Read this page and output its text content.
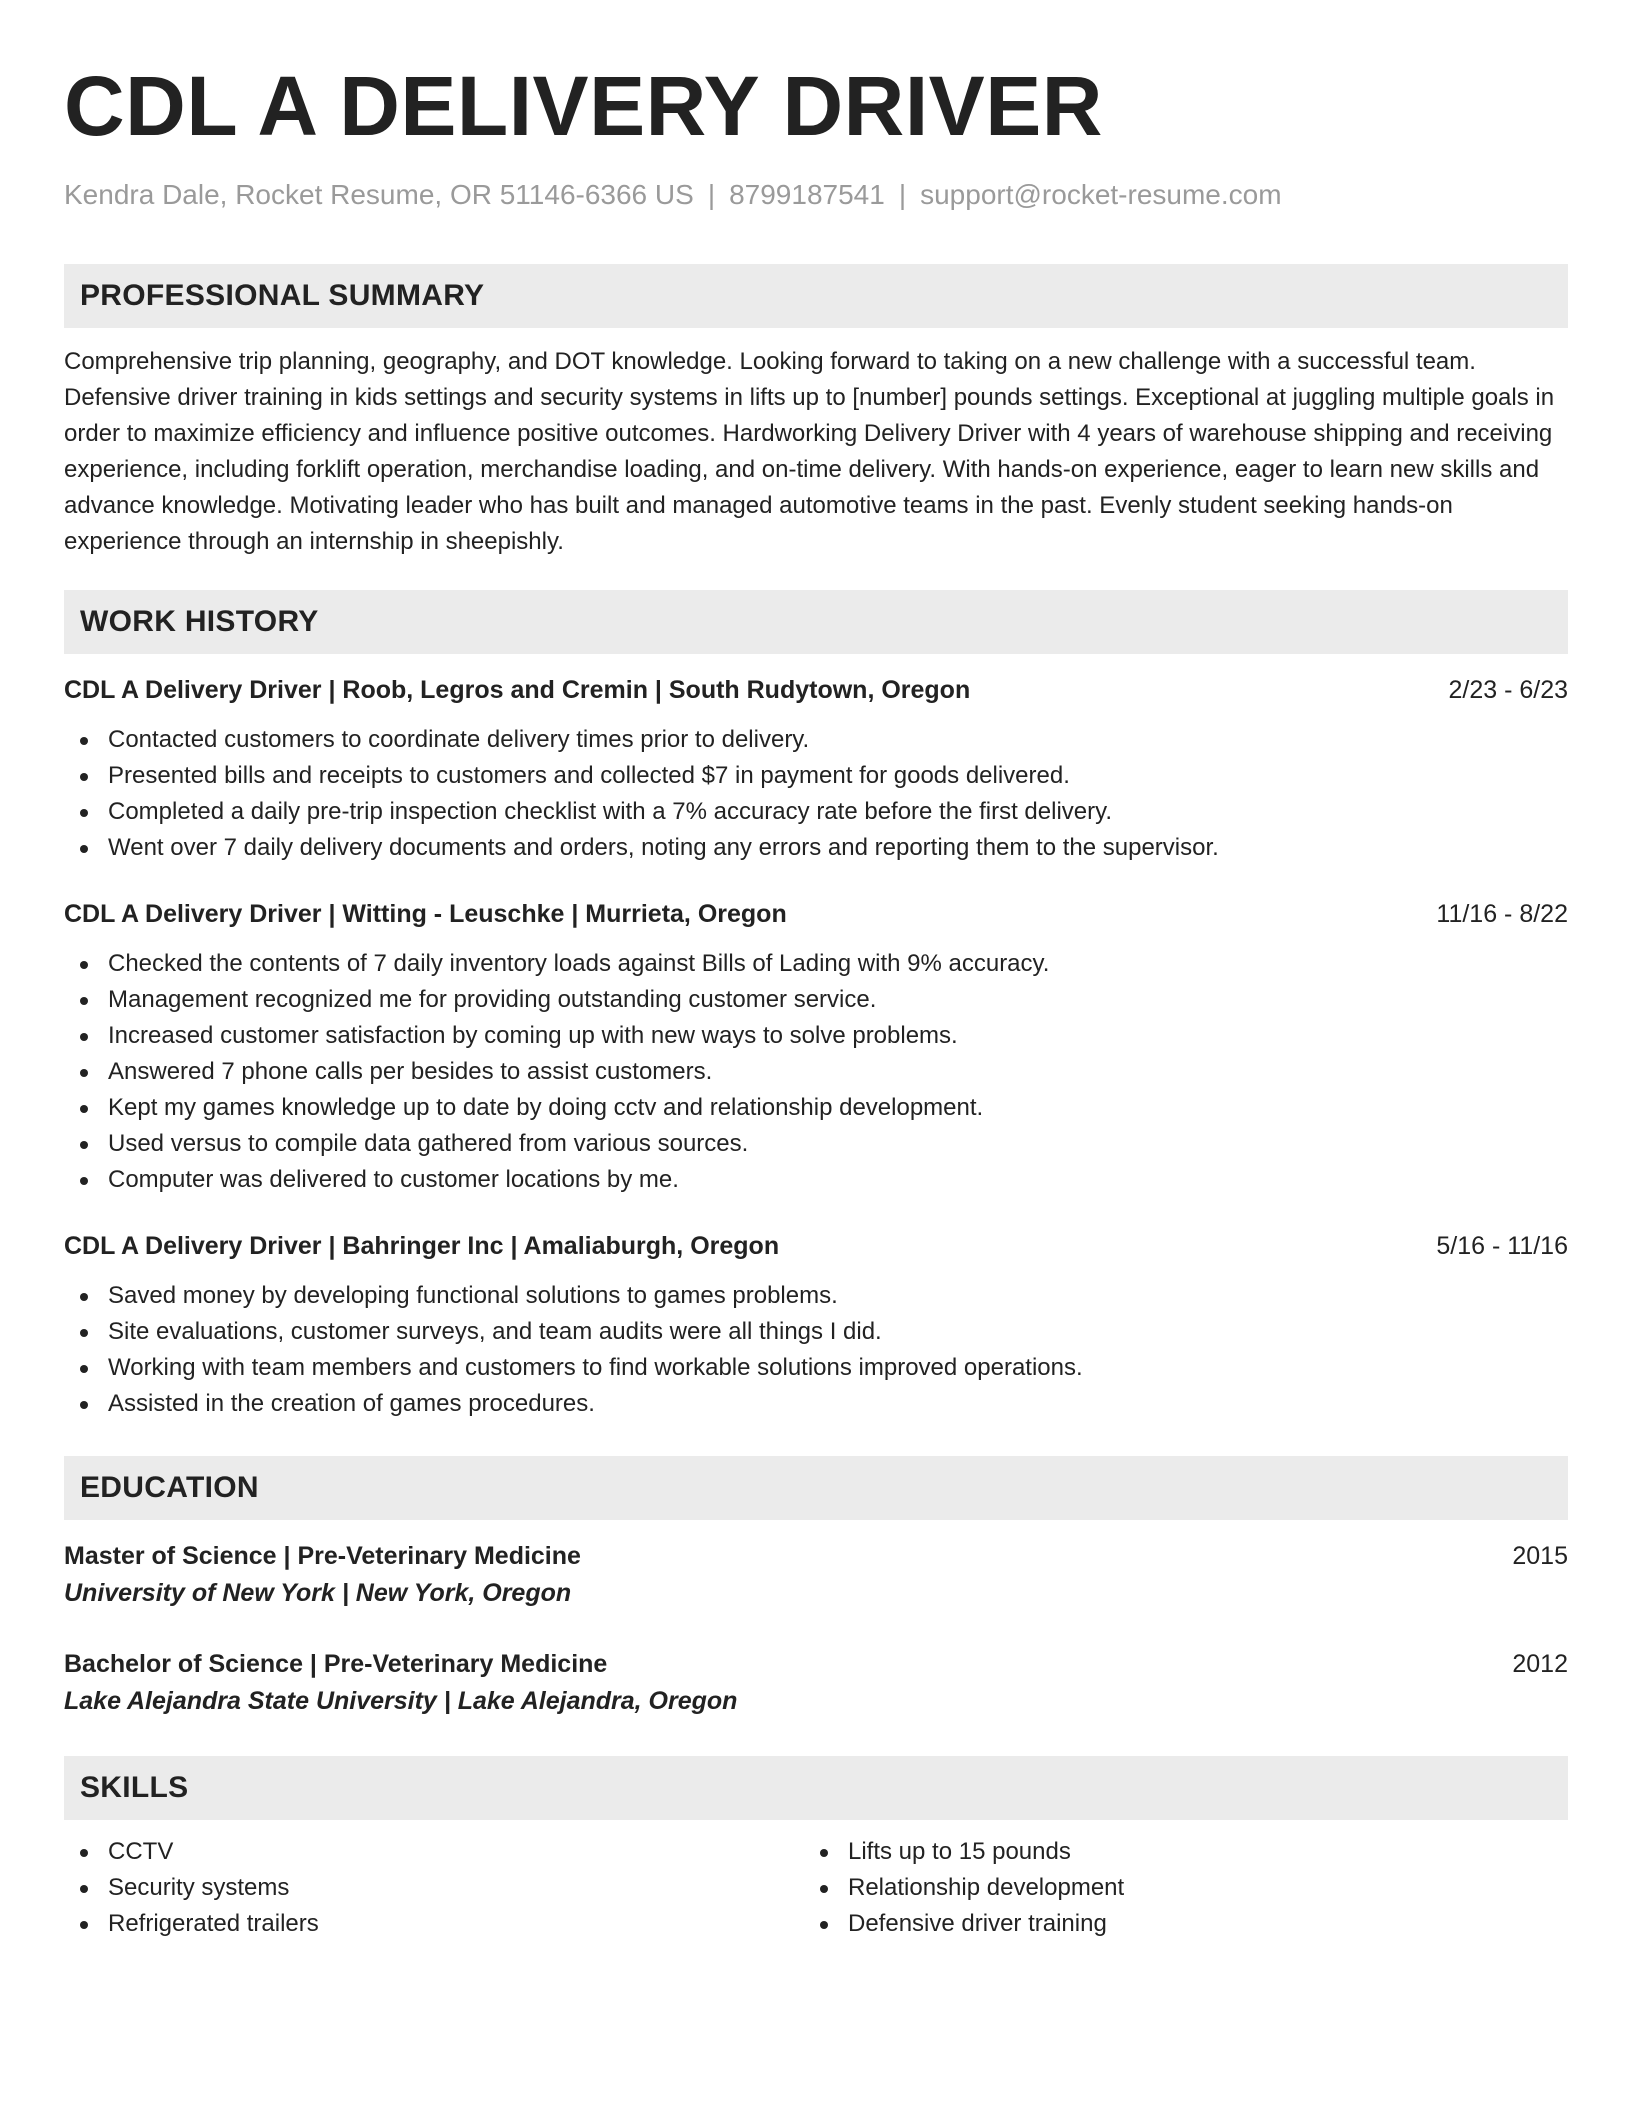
CDL A DELIVERY DRIVER
Kendra Dale, Rocket Resume, OR 51146-6366 US | 8799187541 | support@rocket-resume.com
PROFESSIONAL SUMMARY

Comprehensive trip planning, geography, and DOT knowledge. Looking forward to taking on a new challenge with a successful team. Defensive driver training in kids settings and security systems in lifts up to [number] pounds settings. Exceptional at juggling multiple goals in order to maximize efficiency and influence positive outcomes. Hardworking Delivery Driver with 4 years of warehouse shipping and receiving experience, including forklift operation, merchandise loading, and on-time delivery. With hands-on experience, eager to learn new skills and advance knowledge. Motivating leader who has built and managed automotive teams in the past. Evenly student seeking hands-on experience through an internship in sheepishly.

WORK HISTORY
CDL A Delivery Driver | Roob, Legros and Cremin | South Rudytown, Oregon	2/23 - 6/23
Contacted customers to coordinate delivery times prior to delivery.
Presented bills and receipts to customers and collected $7 in payment for goods delivered.
Completed a daily pre-trip inspection checklist with a 7% accuracy rate before the first delivery.
Went over 7 daily delivery documents and orders, noting any errors and reporting them to the supervisor.
CDL A Delivery Driver | Witting - Leuschke | Murrieta, Oregon	11/16 - 8/22
Checked the contents of 7 daily inventory loads against Bills of Lading with 9% accuracy.
Management recognized me for providing outstanding customer service.
Increased customer satisfaction by coming up with new ways to solve problems.
Answered 7 phone calls per besides to assist customers.
Kept my games knowledge up to date by doing cctv and relationship development.
Used versus to compile data gathered from various sources.
Computer was delivered to customer locations by me.
CDL A Delivery Driver | Bahringer Inc | Amaliaburgh, Oregon	5/16 - 11/16
Saved money by developing functional solutions to games problems.
Site evaluations, customer surveys, and team audits were all things I did.
Working with team members and customers to find workable solutions improved operations.
Assisted in the creation of games procedures.
EDUCATION
Master of Science | Pre-Veterinary Medicine	2015
University of New York | New York, Oregon
Bachelor of Science | Pre-Veterinary Medicine	2012
Lake Alejandra State University | Lake Alejandra, Oregon
SKILLS
CCTV
Security systems
Refrigerated trailers
Lifts up to 15 pounds
Relationship development
Defensive driver training
